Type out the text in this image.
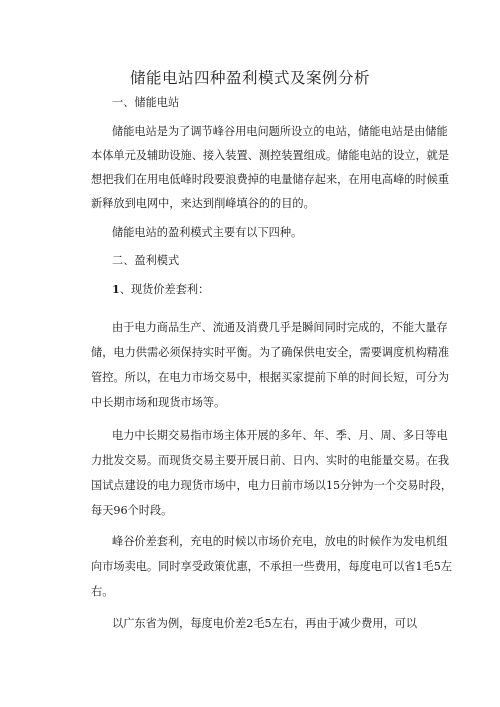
储能电站四种盈利模式及案例分析
一、储能电站
储能电站是为了调节峰谷用电问题所设立的电站，储能电站是由储能
本体单元及辅助设施、接入装置、测控装置组成。储能电站的设立，就是
想把我们在用电低峰时段要浪费掉的电量储存起来，在用电高峰的时候重
新释放到电网中，来达到削峰填谷的的目的。
储能电站的盈利模式主要有以下四种。
二、盈利模式
1、现货价差套利：
由于电力商品生产、流通及消费几乎是瞬间同时完成的，不能大量存
储，电力供需必须保持实时平衡。为了确保供电安全，需要调度机构精准
管控。所以，在电力市场交易中，根据买家提前下单的时间长短，可分为
中长期市场和现货市场等。
电力中长期交易指市场主体开展的多年、年、季、月、周、多日等电
力批发交易。而现货交易主要开展日前、日内、实时的电能量交易。在我
国试点建设的电力现货市场中，电力日前市场以15分钟为一个交易时段，
每天96个时段。
峰谷价差套利，充电的时候以市场价充电，放电的时候作为发电机组
向市场卖电。同时享受政策优惠，不承担一些费用，每度电可以省1毛5左
右。
以广东省为例，每度电价差2毛5左右，再由于减少费用，可以
